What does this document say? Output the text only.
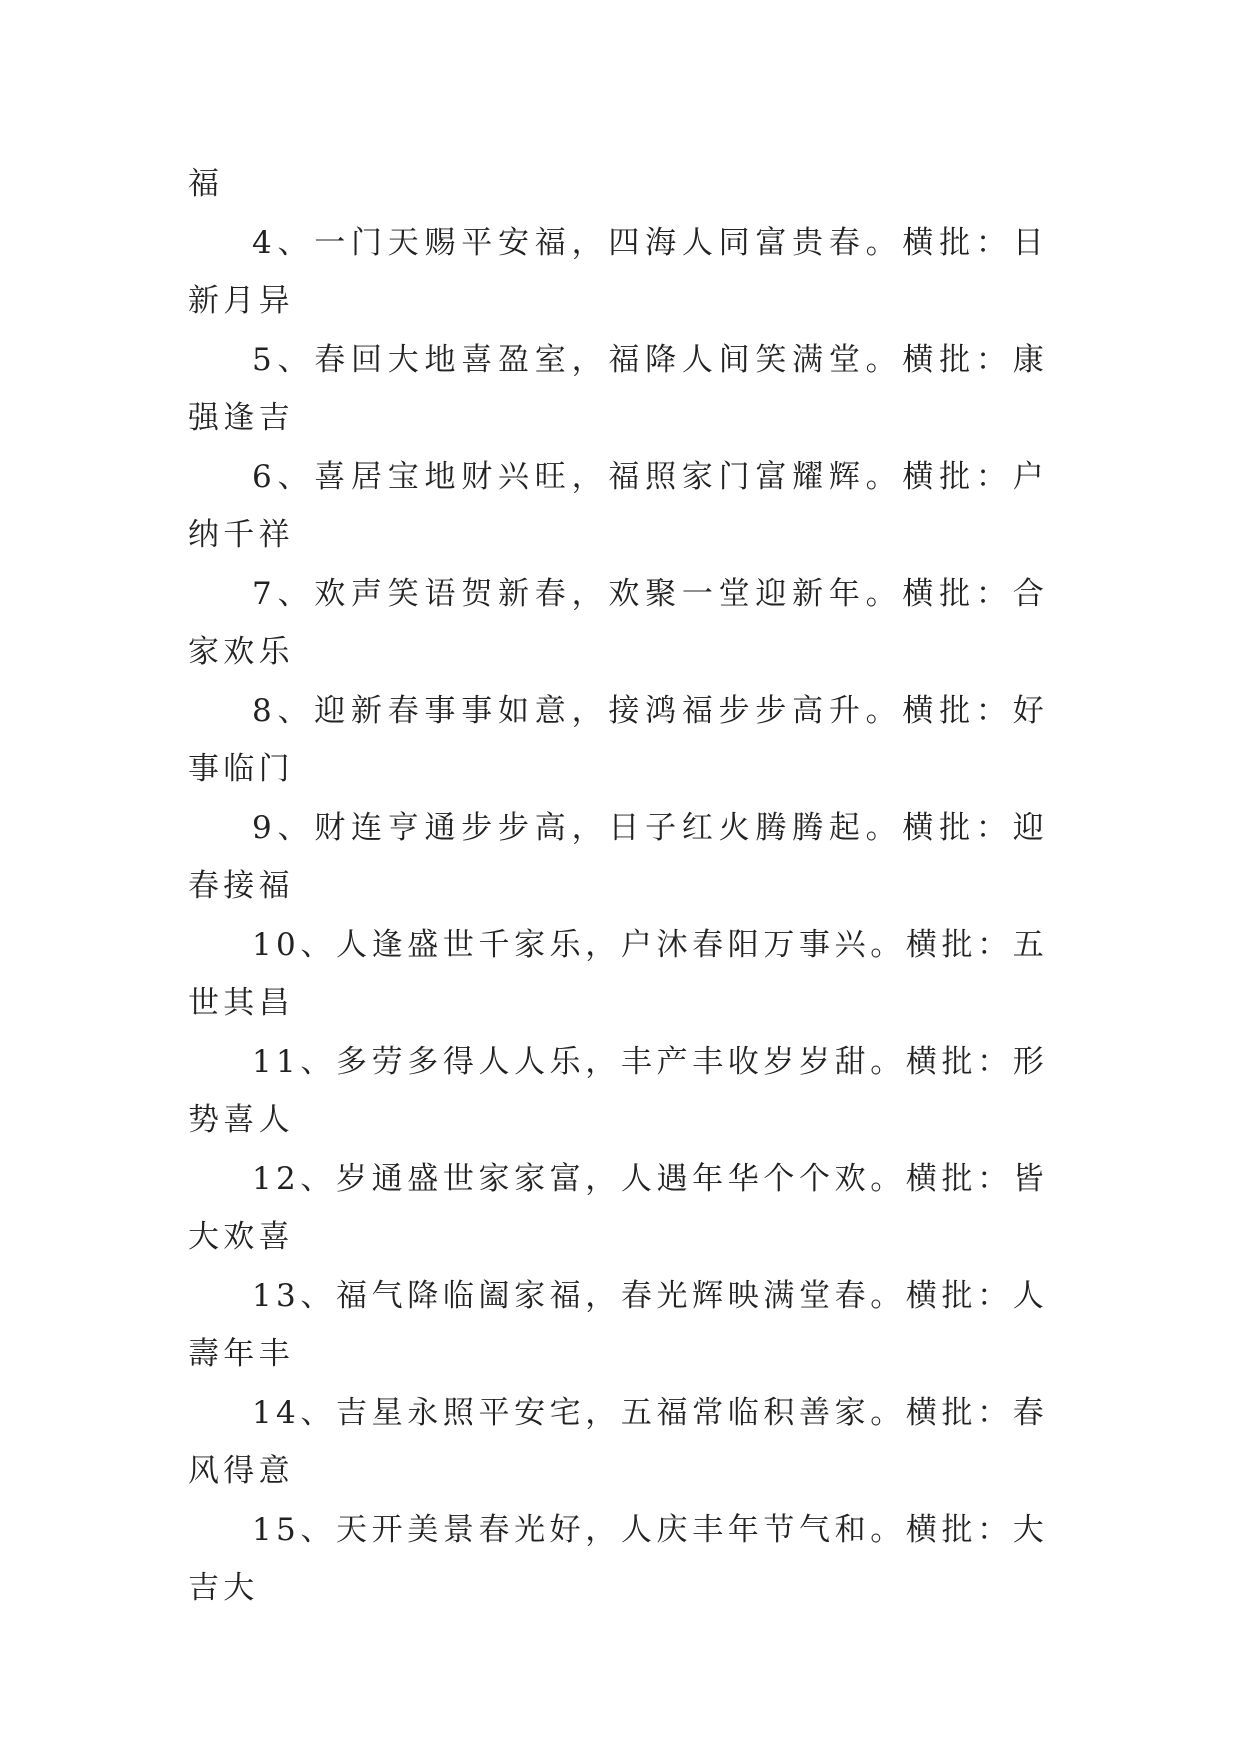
福

4、一门天赐平安福，四海人同富贵春。横批：日新月异

5、春回大地喜盈室，福降人间笑满堂。横批：康强逢吉

6、喜居宝地财兴旺，福照家门富耀辉。横批：户纳千祥

7、欢声笑语贺新春，欢聚一堂迎新年。横批：合家欢乐

8、迎新春事事如意，接鸿福步步高升。横批：好事临门

9、财连亨通步步高，日子红火腾腾起。横批：迎春接福

10、人逢盛世千家乐，户沐春阳万事兴。横批：五世其昌

11、多劳多得人人乐，丰产丰收岁岁甜。横批：形势喜人

12、岁通盛世家家富，人遇年华个个欢。横批：皆大欢喜

13、福气降临阖家福，春光辉映满堂春。横批：人壽年丰

14、吉星永照平安宅，五福常临积善家。横批：春风得意

15、天开美景春光好，人庆丰年节气和。横批：大吉大
